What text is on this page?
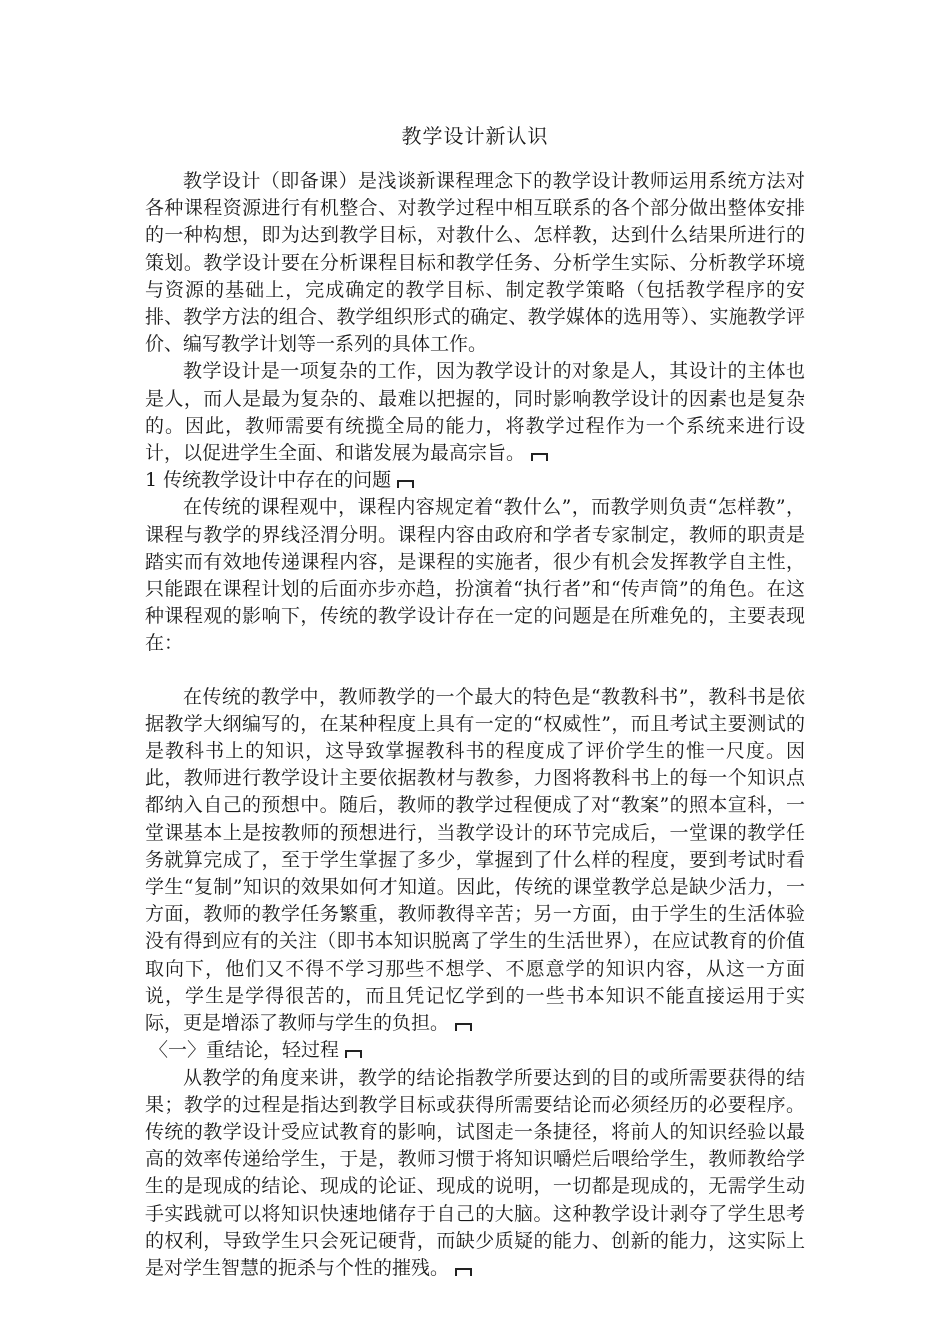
教学设计新认识

教学设计（即备课）是浅谈新课程理念下的教学设计教师运用系统方法对各种课程资源进行有机整合、对教学过程中相互联系的各个部分做出整体安排的一种构想，即为达到教学目标，对教什么、怎样教，达到什么结果所进行的策划。教学设计要在分析课程目标和教学任务、分析学生实际、分析教学环境与资源的基础上，完成确定的教学目标、制定教学策略（包括教学程序的安排、教学方法的组合、教学组织形式的确定、教学媒体的选用等）、实施教学评价、编写教学计划等一系列的具体工作。

教学设计是一项复杂的工作，因为教学设计的对象是人，其设计的主体也是人，而人是最为复杂的、最难以把握的，同时影响教学设计的因素也是复杂的。因此，教师需要有统揽全局的能力，将教学过程作为一个系统来进行设计，以促进学生全面、和谐发展为最高宗旨。

1 传统教学设计中存在的问题

在传统的课程观中，课程内容规定着“教什么”，而教学则负责“怎样教”，课程与教学的界线泾渭分明。课程内容由政府和学者专家制定，教师的职责是踏实而有效地传递课程内容，是课程的实施者，很少有机会发挥教学自主性，只能跟在课程计划的后面亦步亦趋，扮演着“执行者”和“传声筒”的角色。在这种课程观的影响下，传统的教学设计存在一定的问题是在所难免的，主要表现在：

在传统的教学中，教师教学的一个最大的特色是“教教科书”，教科书是依据教学大纲编写的，在某种程度上具有一定的“权威性”，而且考试主要测试的是教科书上的知识，这导致掌握教科书的程度成了评价学生的惟一尺度。因此，教师进行教学设计主要依据教材与教参，力图将教科书上的每一个知识点都纳入自己的预想中。随后，教师的教学过程便成了对“教案”的照本宣科，一堂课基本上是按教师的预想进行，当教学设计的环节完成后，一堂课的教学任务就算完成了，至于学生掌握了多少，掌握到了什么样的程度，要到考试时看学生“复制”知识的效果如何才知道。因此，传统的课堂教学总是缺少活力，一方面，教师的教学任务繁重，教师教得辛苦；另一方面，由于学生的生活体验没有得到应有的关注（即书本知识脱离了学生的生活世界），在应试教育的价值取向下，他们又不得不学习那些不想学、不愿意学的知识内容，从这一方面说，学生是学得很苦的，而且凭记忆学到的一些书本知识不能直接运用于实际，更是增添了教师与学生的负担。

〈一〉重结论，轻过程

从教学的角度来讲，教学的结论指教学所要达到的目的或所需要获得的结果；教学的过程是指达到教学目标或获得所需要结论而必须经历的必要程序。传统的教学设计受应试教育的影响，试图走一条捷径，将前人的知识经验以最高的效率传递给学生，于是，教师习惯于将知识嚼烂后喂给学生，教师教给学生的是现成的结论、现成的论证、现成的说明，一切都是现成的，无需学生动手实践就可以将知识快速地储存于自己的大脑。这种教学设计剥夺了学生思考的权利，导致学生只会死记硬背，而缺少质疑的能力、创新的能力，这实际上是对学生智慧的扼杀与个性的摧残。
